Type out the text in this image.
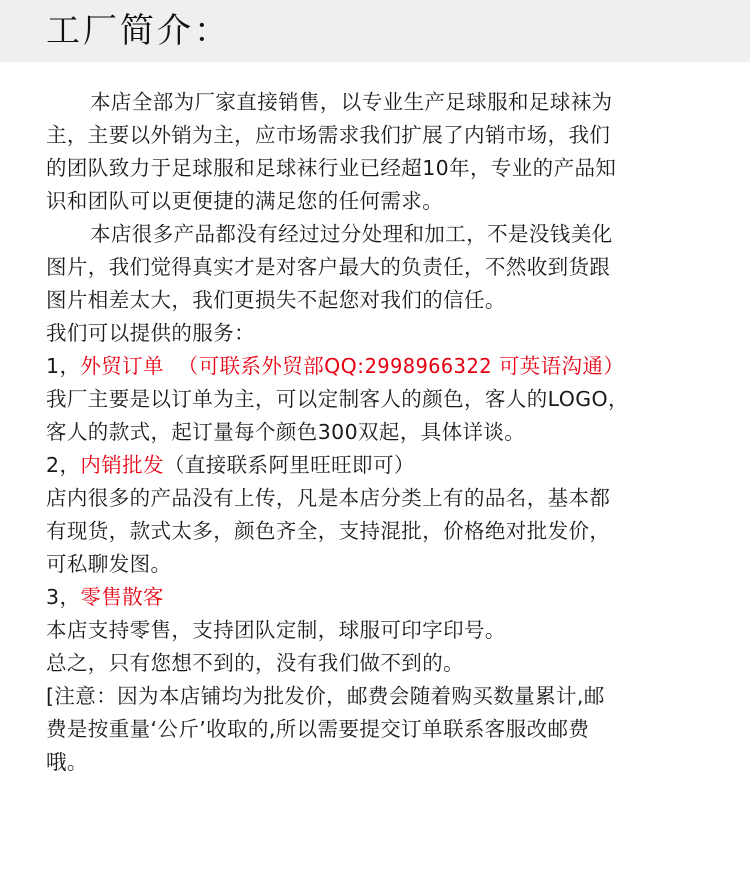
工厂简介：
本店全部为厂家直接销售，以专业生产足球服和足球袜为
主，主要以外销为主，应市场需求我们扩展了内销市场，我们
的团队致力于足球服和足球袜行业已经超10年，专业的产品知
识和团队可以更便捷的满足您的任何需求。
本店很多产品都没有经过过分处理和加工，不是没钱美化
图片，我们觉得真实才是对客户最大的负责任，不然收到货跟
图片相差太大，我们更损失不起您对我们的信任。
我们可以提供的服务：
1，外贸订单 （可联系外贸部QQ:2998966322 可英语沟通）
我厂主要是以订单为主，可以定制客人的颜色，客人的LOGO，
客人的款式，起订量每个颜色300双起，具体详谈。
2，内销批发（直接联系阿里旺旺即可）
店内很多的产品没有上传，凡是本店分类上有的品名，基本都
有现货，款式太多，颜色齐全，支持混批，价格绝对批发价，
可私聊发图。
3，零售散客
本店支持零售，支持团队定制，球服可印字印号。
总之，只有您想不到的，没有我们做不到的。
[注意：因为本店铺均为批发价，邮费会随着购买数量累计,邮
费是按重量‘公斤’收取的,所以需要提交订单联系客服改邮费
哦。
